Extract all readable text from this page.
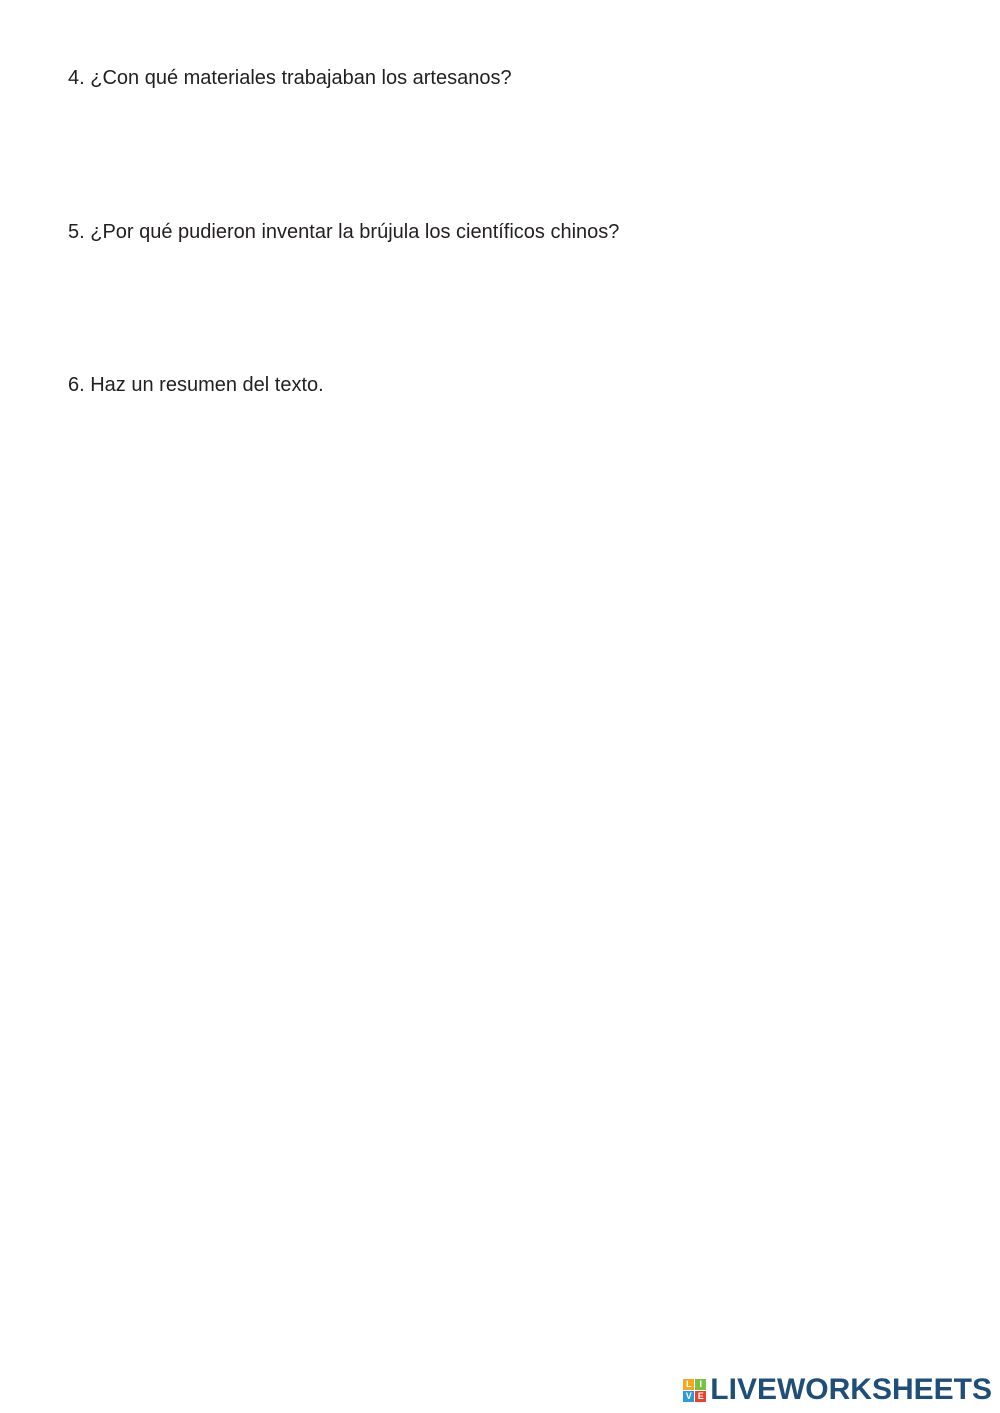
4. ¿Con qué materiales trabajaban los artesanos?

5. ¿Por qué pudieron inventar la brújula los científicos chinos?

6. Haz un resumen del texto.

L I
V E LIVEWORKSHEETS
